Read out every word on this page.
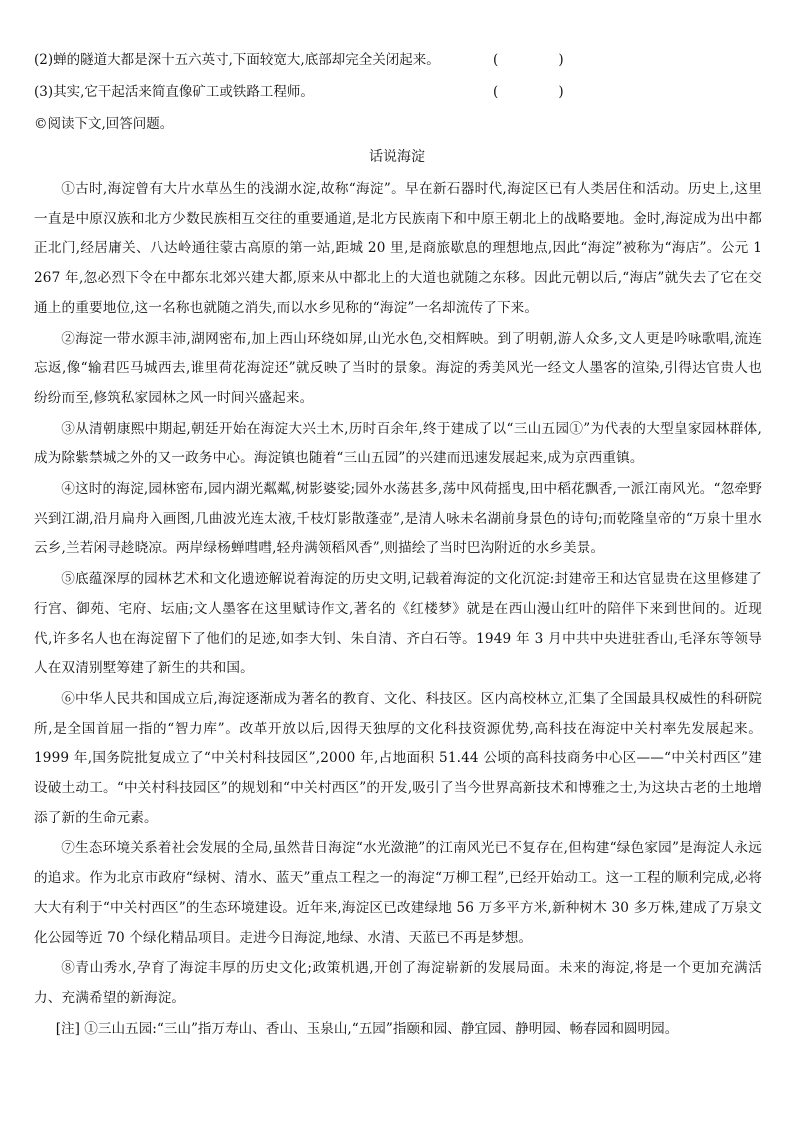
(2)蝉的隧道大都是深十五六英寸,下面较宽大,底部却完全关闭起来。	(              )
(3)其实,它干起活来简直像矿工或铁路工程师。	(              )
©阅读下文,回答问题。
话说海淀

①古时,海淀曾有大片水草丛生的浅湖水淀,故称“海淀”。早在新石器时代,海淀区已有人类居住和活动。历史上,这里一直是中原汉族和北方少数民族相互交往的重要通道,是北方民族南下和中原王朝北上的战略要地。金时,海淀成为出中都正北门,经居庸关、八达岭通往蒙古高原的第一站,距城 20 里,是商旅歇息的理想地点,因此“海淀”被称为“海店”。公元 1 267 年,忽必烈下令在中都东北郊兴建大都,原来从中都北上的大道也就随之东移。因此元朝以后,“海店”就失去了它在交通上的重要地位,这一名称也就随之消失,而以水乡见称的“海淀”一名却流传了下来。

②海淀一带水源丰沛,湖网密布,加上西山环绕如屏,山光水色,交相辉映。到了明朝,游人众多,文人更是吟咏歌唱,流连忘返,像“输君匹马城西去,谁里荷花海淀还”就反映了当时的景象。海淀的秀美风光一经文人墨客的渲染,引得达官贵人也纷纷而至,修筑私家园林之风一时间兴盛起来。

③从清朝康熙中期起,朝廷开始在海淀大兴土木,历时百余年,终于建成了以“三山五园①”为代表的大型皇家园林群体,成为除紫禁城之外的又一政务中心。海淀镇也随着“三山五园”的兴建而迅速发展起来,成为京西重镇。

④这时的海淀,园林密布,园内湖光粼粼,树影婆娑;园外水荡甚多,荡中风荷摇曳,田中稻花飘香,一派江南风光。“忽牵野兴到江湖,沿月扁舟入画图,几曲波光连太液,千枝灯影散蓬壶”,是清人咏未名湖前身景色的诗句;而乾隆皇帝的“万泉十里水云乡,兰若闲寻趁晓凉。两岸绿杨蝉嘒嘒,轻舟满领稻风香”,则描绘了当时巴沟附近的水乡美景。

⑤底蕴深厚的园林艺术和文化遗迹解说着海淀的历史文明,记载着海淀的文化沉淀:封建帝王和达官显贵在这里修建了行宫、御苑、宅府、坛庙;文人墨客在这里赋诗作文,著名的《红楼梦》就是在西山漫山红叶的陪伴下来到世间的。近现代,许多名人也在海淀留下了他们的足迹,如李大钊、朱自清、齐白石等。1949 年 3 月中共中央进驻香山,毛泽东等领导人在双清别墅筹建了新生的共和国。

⑥中华人民共和国成立后,海淀逐渐成为著名的教育、文化、科技区。区内高校林立,汇集了全国最具权威性的科研院所,是全国首屈一指的“智力库”。改革开放以后,因得天独厚的文化科技资源优势,高科技在海淀中关村率先发展起来。1999 年,国务院批复成立了“中关村科技园区”,2000 年,占地面积 51.44 公顷的高科技商务中心区——“中关村西区”建设破土动工。“中关村科技园区”的规划和“中关村西区”的开发,吸引了当今世界高新技术和博雅之士,为这块古老的土地增添了新的生命元素。

⑦生态环境关系着社会发展的全局,虽然昔日海淀“水光潋滟”的江南风光已不复存在,但构建“绿色家园”是海淀人永远的追求。作为北京市政府“绿树、清水、蓝天”重点工程之一的海淀“万柳工程”,已经开始动工。这一工程的顺利完成,必将大大有利于“中关村西区”的生态环境建设。近年来,海淀区已改建绿地 56 万多平方米,新种树木 30 多万株,建成了万泉文化公园等近 70 个绿化精品项目。走进今日海淀,地绿、水清、天蓝已不再是梦想。

⑧青山秀水,孕育了海淀丰厚的历史文化;政策机遇,开创了海淀崭新的发展局面。未来的海淀,将是一个更加充满活力、充满希望的新海淀。

[注] ①三山五园:“三山”指万寿山、香山、玉泉山,“五园”指颐和园、静宜园、静明园、畅春园和圆明园。
